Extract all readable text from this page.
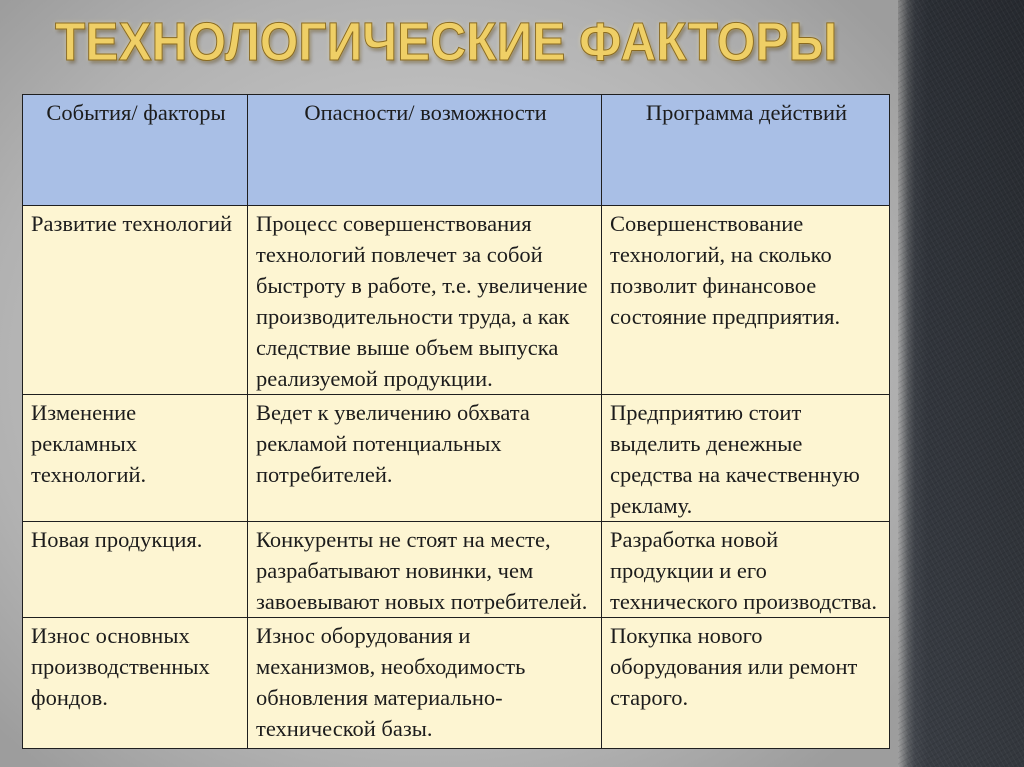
ТЕХНОЛОГИЧЕСКИЕ ФАКТОРЫ
События/ факторы	Опасности/ возможности	Программа действий
Развитие технологий	Процесс совершенствования технологий повлечет за собой быстроту в работе, т.е. увеличение производительности труда, а как следствие выше объем выпуска реализуемой продукции.	Совершенствование технологий, на сколько позволит финансовое состояние предприятия.
Изменение рекламных технологий.	Ведет к увеличению обхвата рекламой потенциальных потребителей.	Предприятию стоит выделить денежные средства на качественную рекламу.
Новая продукция.	Конкуренты не стоят на месте, разрабатывают новинки, чем завоевывают новых потребителей.	Разработка новой продукции и его технического производства.
Износ основных производственных фондов.	Износ оборудования и механизмов, необходимость обновления материально-технической базы.	Покупка нового оборудования или ремонт старого.
